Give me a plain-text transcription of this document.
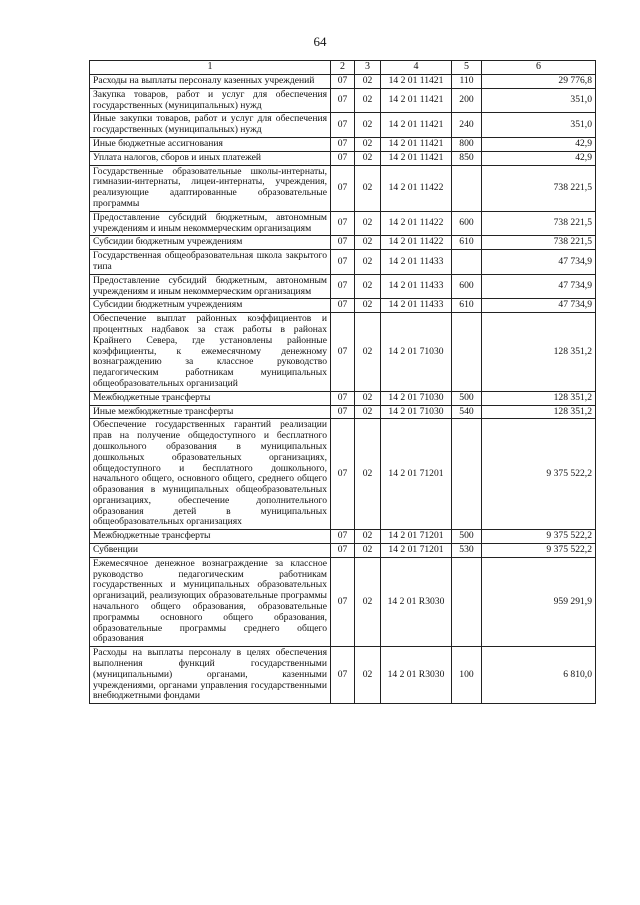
64
1	2	3	4	5	6
Расходы на выплаты персоналу казенных учреждений	07	02	14 2 01 11421	110	29 776,8
Закупка товаров, работ и услуг для обеспечения государственных (муниципальных) нужд	07	02	14 2 01 11421	200	351,0
Иные закупки товаров, работ и услуг для обеспечения государственных (муниципальных) нужд	07	02	14 2 01 11421	240	351,0
Иные бюджетные ассигнования	07	02	14 2 01 11421	800	42,9
Уплата налогов, сборов и иных платежей	07	02	14 2 01 11421	850	42,9
Государственные образовательные школы-интернаты, гимназии-интернаты, лицеи-интернаты, учреждения, реализующие адаптированные образовательные программы	07	02	14 2 01 11422		738 221,5
Предоставление субсидий бюджетным, автономным учреждениям и иным некоммерческим организациям	07	02	14 2 01 11422	600	738 221,5
Субсидии бюджетным учреждениям	07	02	14 2 01 11422	610	738 221,5
Государственная общеобразовательная школа закрытого типа	07	02	14 2 01 11433		47 734,9
Предоставление субсидий бюджетным, автономным учреждениям и иным некоммерческим организациям	07	02	14 2 01 11433	600	47 734,9
Субсидии бюджетным учреждениям	07	02	14 2 01 11433	610	47 734,9
Обеспечение выплат районных коэффициентов и процентных надбавок за стаж работы в районах Крайнего Севера, где установлены районные коэффициенты, к ежемесячному денежному вознаграждению за классное руководство педагогическим работникам муниципальных общеобразовательных организаций	07	02	14 2 01 71030		128 351,2
Межбюджетные трансферты	07	02	14 2 01 71030	500	128 351,2
Иные межбюджетные трансферты	07	02	14 2 01 71030	540	128 351,2
Обеспечение государственных гарантий реализации прав на получение общедоступного и бесплатного дошкольного образования в муниципальных дошкольных образовательных организациях, общедоступного и бесплатного дошкольного, начального общего, основного общего, среднего общего образования в муниципальных общеобразовательных организациях, обеспечение дополнительного образования детей в муниципальных общеобразовательных организациях	07	02	14 2 01 71201		9 375 522,2
Межбюджетные трансферты	07	02	14 2 01 71201	500	9 375 522,2
Субвенции	07	02	14 2 01 71201	530	9 375 522,2
Ежемесячное денежное вознаграждение за классное руководство педагогическим работникам государственных и муниципальных образовательных организаций, реализующих образовательные программы начального общего образования, образовательные программы основного общего образования, образовательные программы среднего общего образования	07	02	14 2 01 R3030		959 291,9
Расходы на выплаты персоналу в целях обеспечения выполнения функций государственными (муниципальными) органами, казенными учреждениями, органами управления государственными внебюджетными фондами	07	02	14 2 01 R3030	100	6 810,0
